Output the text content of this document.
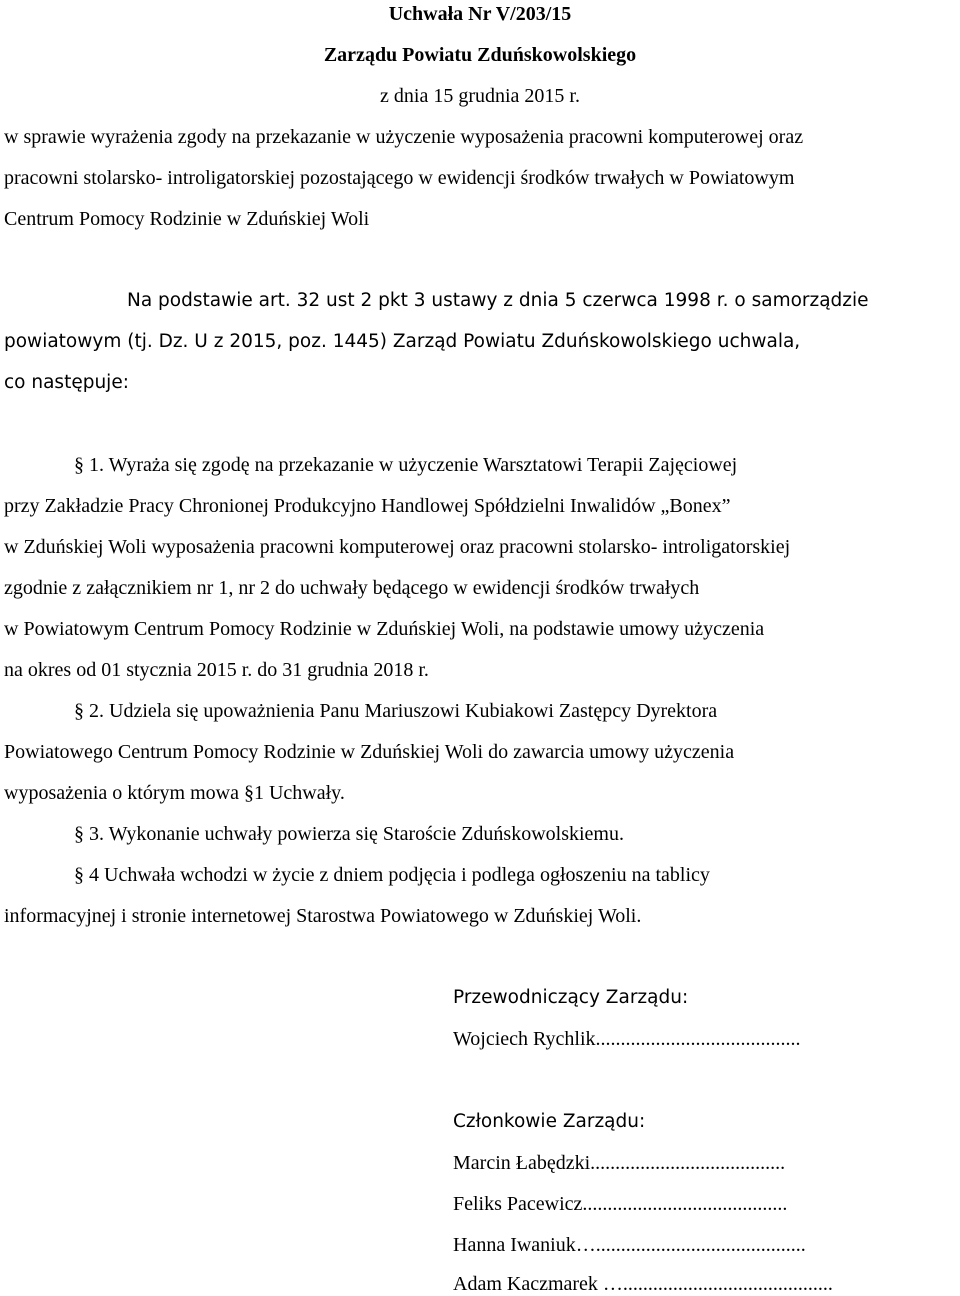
Uchwała Nr V/203/15
Zarządu Powiatu Zduńskowolskiego
z dnia 15 grudnia 2015 r.
w sprawie wyrażenia zgody na przekazanie w użyczenie wyposażenia pracowni komputerowej oraz
pracowni stolarsko- introligatorskiej pozostającego w ewidencji środków trwałych w Powiatowym
Centrum Pomocy Rodzinie w Zduńskiej Woli
Na podstawie art. 32 ust 2 pkt 3 ustawy z dnia 5 czerwca 1998 r. o samorządzie
powiatowym (tj. Dz. U z 2015, poz. 1445) Zarząd Powiatu Zduńskowolskiego uchwala,
co następuje:
§ 1. Wyraża się zgodę na przekazanie w użyczenie Warsztatowi Terapii Zajęciowej
przy Zakładzie Pracy Chronionej Produkcyjno Handlowej Spółdzielni Inwalidów „Bonex”
w Zduńskiej Woli wyposażenia pracowni komputerowej oraz pracowni stolarsko- introligatorskiej
zgodnie z załącznikiem nr 1, nr 2 do uchwały będącego w ewidencji środków trwałych
w Powiatowym Centrum Pomocy Rodzinie w Zduńskiej Woli, na podstawie umowy użyczenia
na okres od 01 stycznia 2015 r. do 31 grudnia 2018 r.
§ 2. Udziela się upoważnienia Panu Mariuszowi Kubiakowi Zastępcy Dyrektora
Powiatowego Centrum Pomocy Rodzinie w Zduńskiej Woli do zawarcia umowy użyczenia
wyposażenia o którym mowa §1 Uchwały.
§ 3. Wykonanie uchwały powierza się Staroście Zduńskowolskiemu.
§ 4 Uchwała wchodzi w życie z dniem podjęcia i podlega ogłoszeniu na tablicy
informacyjnej i stronie internetowej Starostwa Powiatowego w Zduńskiej Woli.
Przewodniczący Zarządu:
Wojciech Rychlik.........................................
Członkowie Zarządu:
Marcin Łabędzki.......................................
Feliks Pacewicz.........................................
Hanna Iwaniuk…..........................................
Adam Kaczmarek …..........................................
